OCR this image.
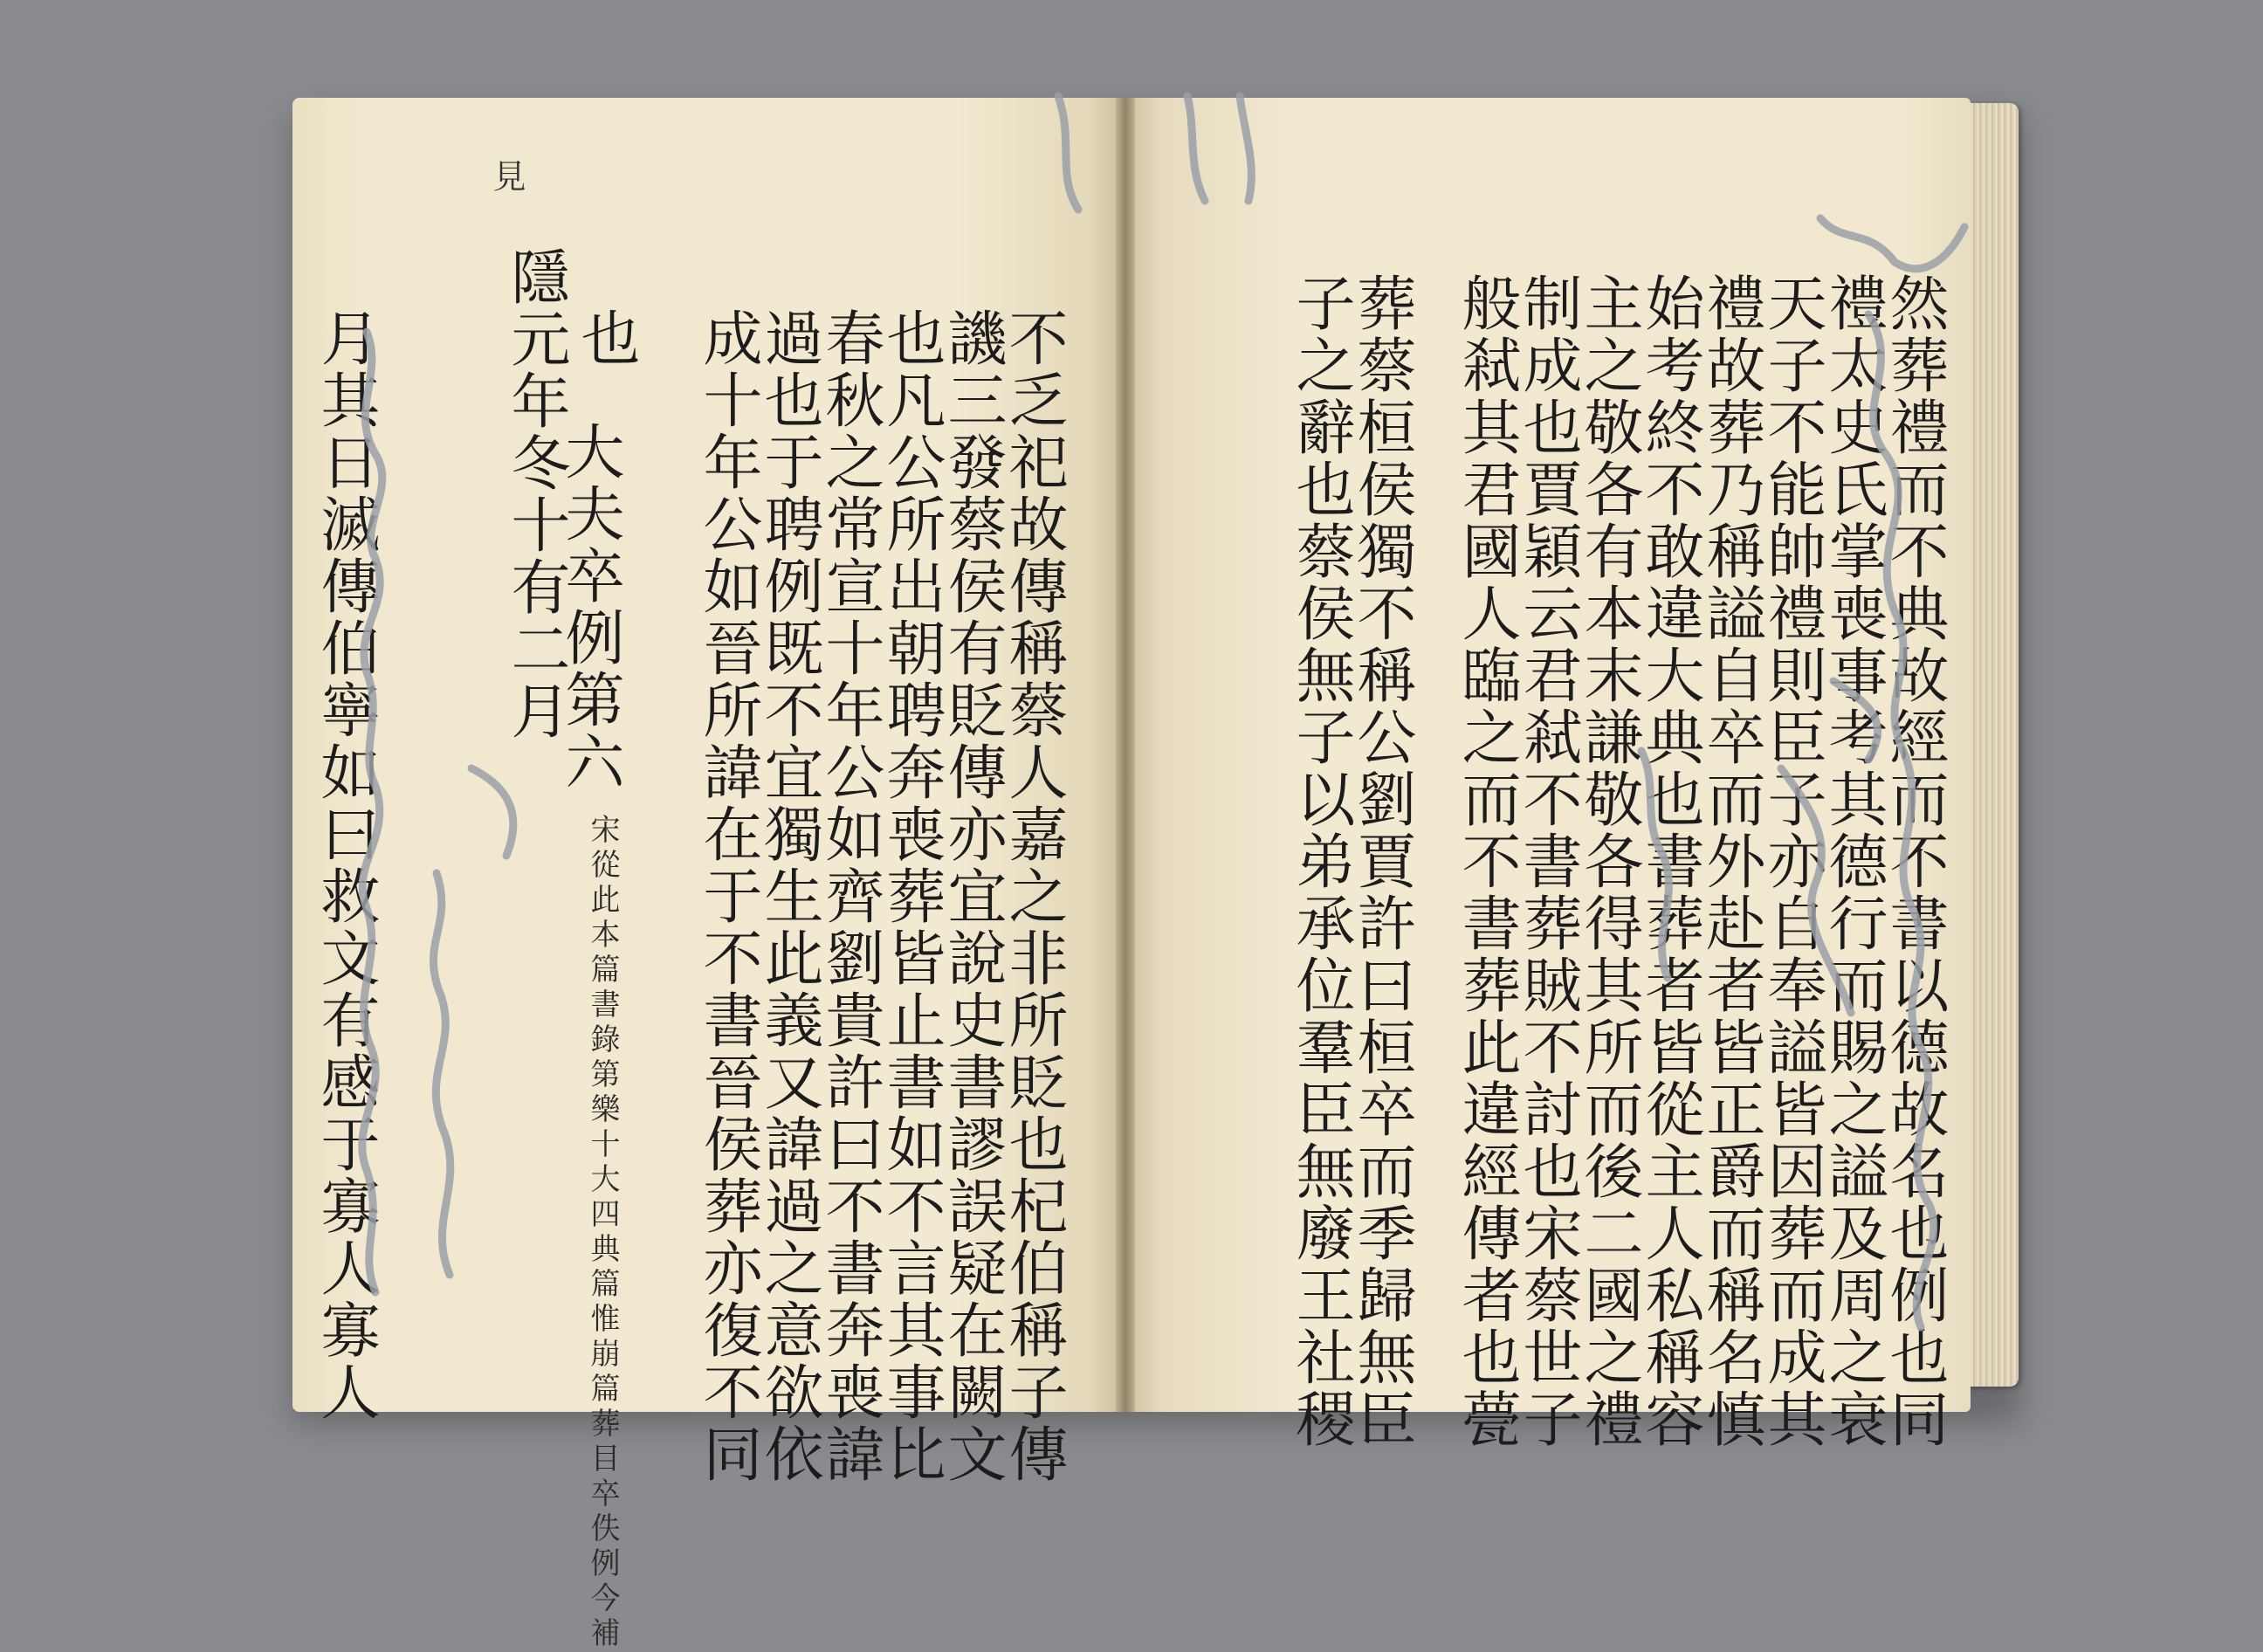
見

不乏祀故傳稱蔡人嘉之非所貶也杞伯稱子傳
譏三發蔡侯有貶傳亦宜說史書謬誤疑在闕文
也凡公所出朝聘奔喪葬皆止書如不言其事比
春秋之常宣十年公如齊劉貴許曰不書奔喪諱
過也于聘例既不宜獨生此義又諱過之意欲依
成十年公如晉所諱在于不書晉侯葬亦復不同
也
隱元年冬十有二月
大夫卒例第六
宋從此本篇書錄第樂十大四典篇惟崩篇葬目卒佚例今補
月其日滅傳伯寧如曰救文有感于寡人寡人	然葬禮而不典故經而不書以德故名也例也同
禮太史氏掌喪事考其德行而賜之謚及周之衰
天子不能帥禮則臣子亦自奉謚皆因葬而成其
禮故葬乃稱謚自卒而外赴者皆正爵而稱名慎
始考終不敢違大典也書葬者皆從主人私稱容
主之敬各有本末謙敬各得其所而後二國之禮
制成也賈穎云君弒不書葬賊不討也宋蔡世子
般弒其君國人臨之而不書葬此違經傳者也甍
葬蔡桓侯獨不稱公劉賈許曰桓卒而季歸無臣
子之辭也蔡侯無子以弟承位羣臣無廢王社稷
